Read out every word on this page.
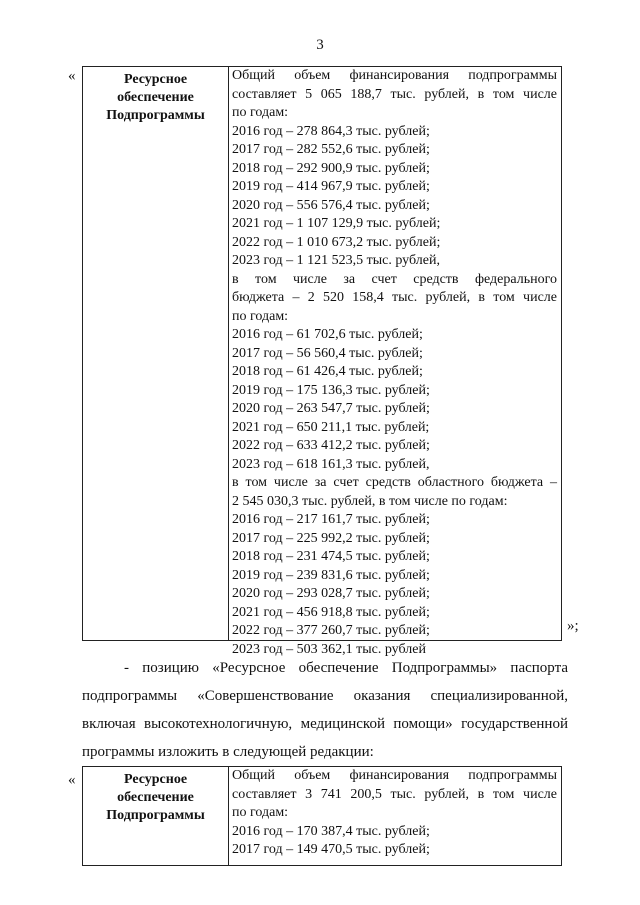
3
«	Ресурсное
обеспечение
Подпрограммы
Общий объем финансирования подпрограммы
составляет 5 065 188,7 тыс. рублей, в том числе
по годам:
2016 год – 278 864,3 тыс. рублей;
2017 год – 282 552,6 тыс. рублей;
2018 год – 292 900,9 тыс. рублей;
2019 год – 414 967,9 тыс. рублей;
2020 год – 556 576,4 тыс. рублей;
2021 год – 1 107 129,9 тыс. рублей;
2022 год – 1 010 673,2 тыс. рублей;
2023 год – 1 121 523,5 тыс. рублей,
в том числе за счет средств федерального
бюджета – 2 520 158,4 тыс. рублей, в том числе
по годам:
2016 год – 61 702,6 тыс. рублей;
2017 год – 56 560,4 тыс. рублей;
2018 год – 61 426,4 тыс. рублей;
2019 год – 175 136,3 тыс. рублей;
2020 год – 263 547,7 тыс. рублей;
2021 год – 650 211,1 тыс. рублей;
2022 год – 633 412,2 тыс. рублей;
2023 год – 618 161,3 тыс. рублей,
в том числе за счет средств областного бюджета –
2 545 030,3 тыс. рублей, в том числе по годам:
2016 год – 217 161,7 тыс. рублей;
2017 год – 225 992,2 тыс. рублей;
2018 год – 231 474,5 тыс. рублей;
2019 год – 239 831,6 тыс. рублей;
2020 год – 293 028,7 тыс. рублей;
2021 год – 456 918,8 тыс. рублей;
2022 год – 377 260,7 тыс. рублей;
2023 год – 503 362,1 тыс. рублей
»;
- позицию «Ресурсное обеспечение Подпрограммы» паспорта
подпрограммы «Совершенствование оказания специализированной,
включая высокотехнологичную, медицинской помощи» государственной
программы изложить в следующей редакции:
«	Ресурсное
обеспечение
Подпрограммы
Общий объем финансирования подпрограммы
составляет 3 741 200,5 тыс. рублей, в том числе
по годам:
2016 год – 170 387,4 тыс. рублей;
2017 год – 149 470,5 тыс. рублей;
